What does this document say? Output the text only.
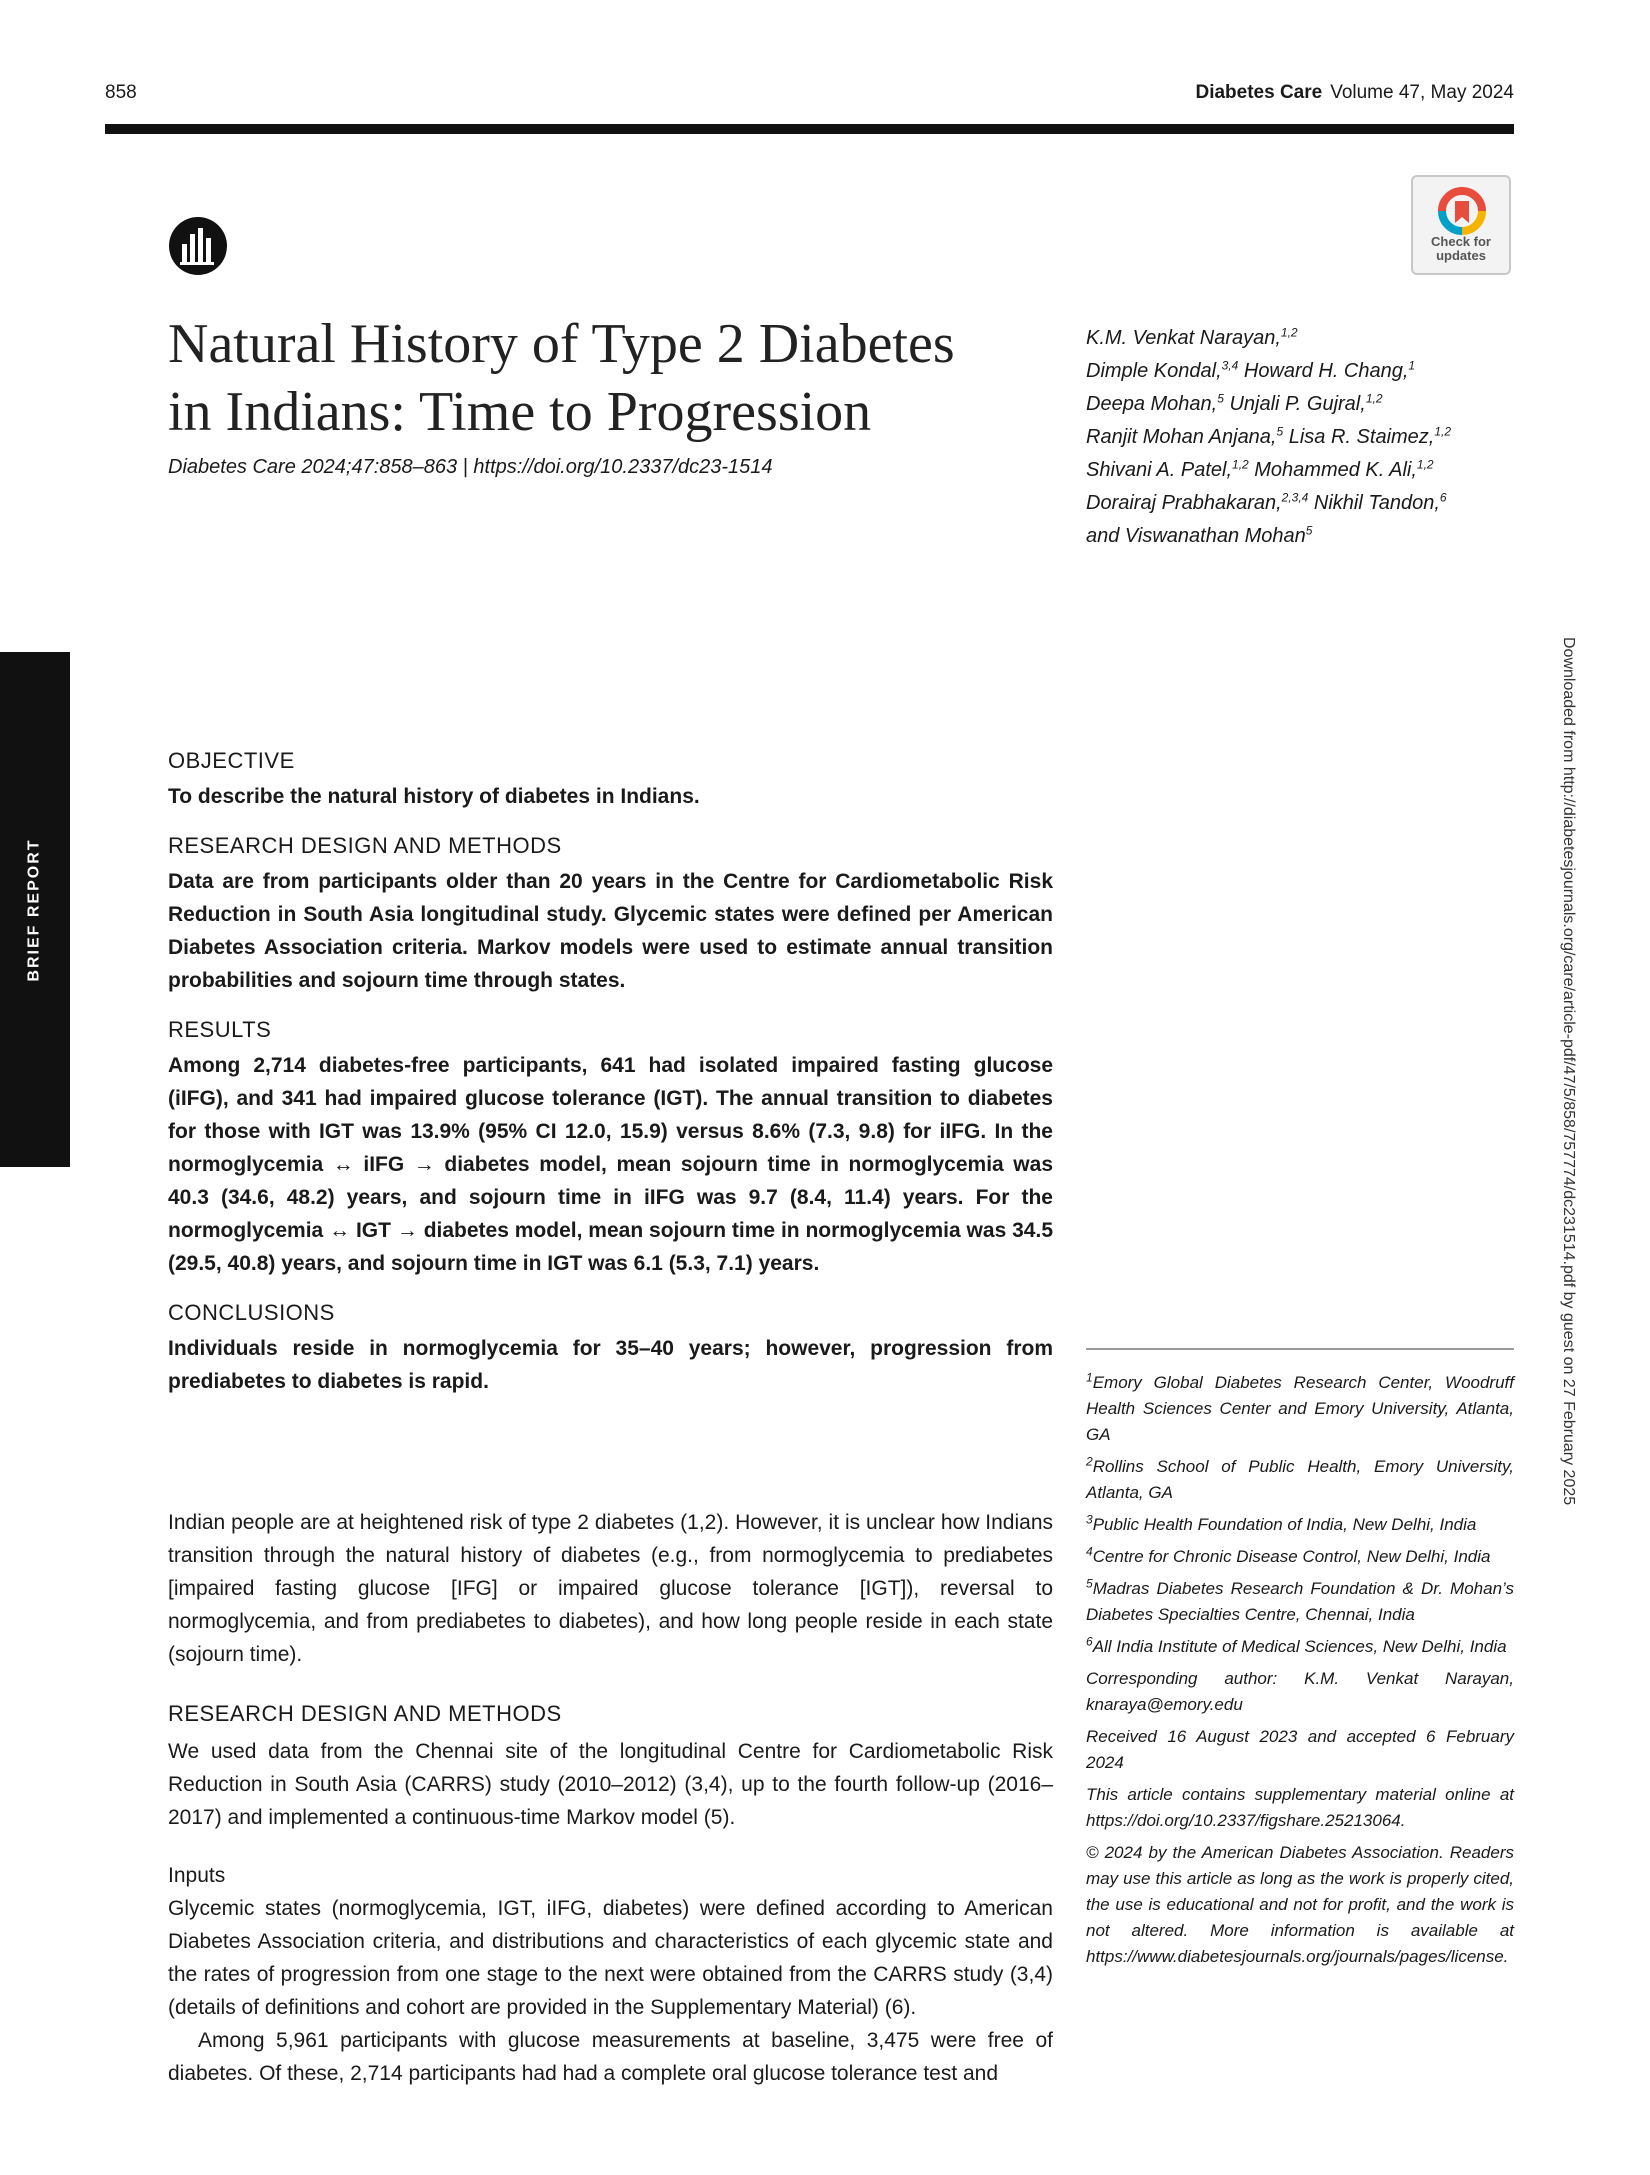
858	Diabetes Care Volume 47, May 2024
BRIEF REPORT
Check for updates
Natural History of Type 2 Diabetes
in Indians: Time to Progression
Diabetes Care 2024;47:858–863 | https://doi.org/10.2337/dc23-1514
K.M. Venkat Narayan,$^{1,2}$
Dimple Kondal,$^{3,4}$ Howard H. Chang,$^1$
Deepa Mohan,$^5$ Unjali P. Gujral,$^{1,2}$
Ranjit Mohan Anjana,$^5$ Lisa R. Staimez,$^{1,2}$
Shivani A. Patel,$^{1,2}$ Mohammed K. Ali,$^{1,2}$
Dorairaj Prabhakaran,$^{2,3,4}$ Nikhil Tandon,$^6$
and Viswanathan Mohan$^5$
Downloaded from http://diabetesjournals.org/care/article-pdf/47/5/858/757774/dc231514.pdf by guest on 27 February 2025
OBJECTIVE

To describe the natural history of diabetes in Indians.

RESEARCH DESIGN AND METHODS

Data are from participants older than 20 years in the Centre for Cardiometabolic Risk Reduction in South Asia longitudinal study. Glycemic states were defined per American Diabetes Association criteria. Markov models were used to estimate annual transition probabilities and sojourn time through states.

RESULTS

Among 2,714 diabetes-free participants, 641 had isolated impaired fasting glucose (iIFG), and 341 had impaired glucose tolerance (IGT). The annual transition to diabetes for those with IGT was 13.9% (95% CI 12.0, 15.9) versus 8.6% (7.3, 9.8) for iIFG. In the normoglycemia ↔ iIFG → diabetes model, mean sojourn time in normoglycemia was 40.3 (34.6, 48.2) years, and sojourn time in iIFG was 9.7 (8.4, 11.4) years. For the normoglycemia ↔ IGT → diabetes model, mean sojourn time in normoglycemia was 34.5 (29.5, 40.8) years, and sojourn time in IGT was 6.1 (5.3, 7.1) years.

CONCLUSIONS

Individuals reside in normoglycemia for 35–40 years; however, progression from prediabetes to diabetes is rapid.

Indian people are at heightened risk of type 2 diabetes (1,2). However, it is unclear how Indians transition through the natural history of diabetes (e.g., from normoglycemia to prediabetes [impaired fasting glucose [IFG] or impaired glucose tolerance [IGT]), reversal to normoglycemia, and from prediabetes to diabetes), and how long people reside in each state (sojourn time).

RESEARCH DESIGN AND METHODS

We used data from the Chennai site of the longitudinal Centre for Cardiometabolic Risk Reduction in South Asia (CARRS) study (2010–2012) (3,4), up to the fourth follow-up (2016–2017) and implemented a continuous-time Markov model (5).

Inputs

Glycemic states (normoglycemia, IGT, iIFG, diabetes) were defined according to American Diabetes Association criteria, and distributions and characteristics of each glycemic state and the rates of progression from one stage to the next were obtained from the CARRS study (3,4) (details of definitions and cohort are provided in the Supplementary Material) (6).

Among 5,961 participants with glucose measurements at baseline, 3,475 were free of diabetes. Of these, 2,714 participants had had a complete oral glucose tolerance test and

$^1$Emory Global Diabetes Research Center, Woodruff Health Sciences Center and Emory University, Atlanta, GA

$^2$Rollins School of Public Health, Emory University, Atlanta, GA

$^3$Public Health Foundation of India, New Delhi, India

$^4$Centre for Chronic Disease Control, New Delhi, India

$^5$Madras Diabetes Research Foundation & Dr. Mohan’s Diabetes Specialties Centre, Chennai, India

$^6$All India Institute of Medical Sciences, New Delhi, India

Corresponding author: K.M. Venkat Narayan, knaraya@emory.edu

Received 16 August 2023 and accepted 6 February 2024

This article contains supplementary material online at https://doi.org/10.2337/figshare.25213064.

© 2024 by the American Diabetes Association. Readers may use this article as long as the work is properly cited, the use is educational and not for profit, and the work is not altered. More information is available at https://www.diabetesjournals.org/journals/pages/license.
